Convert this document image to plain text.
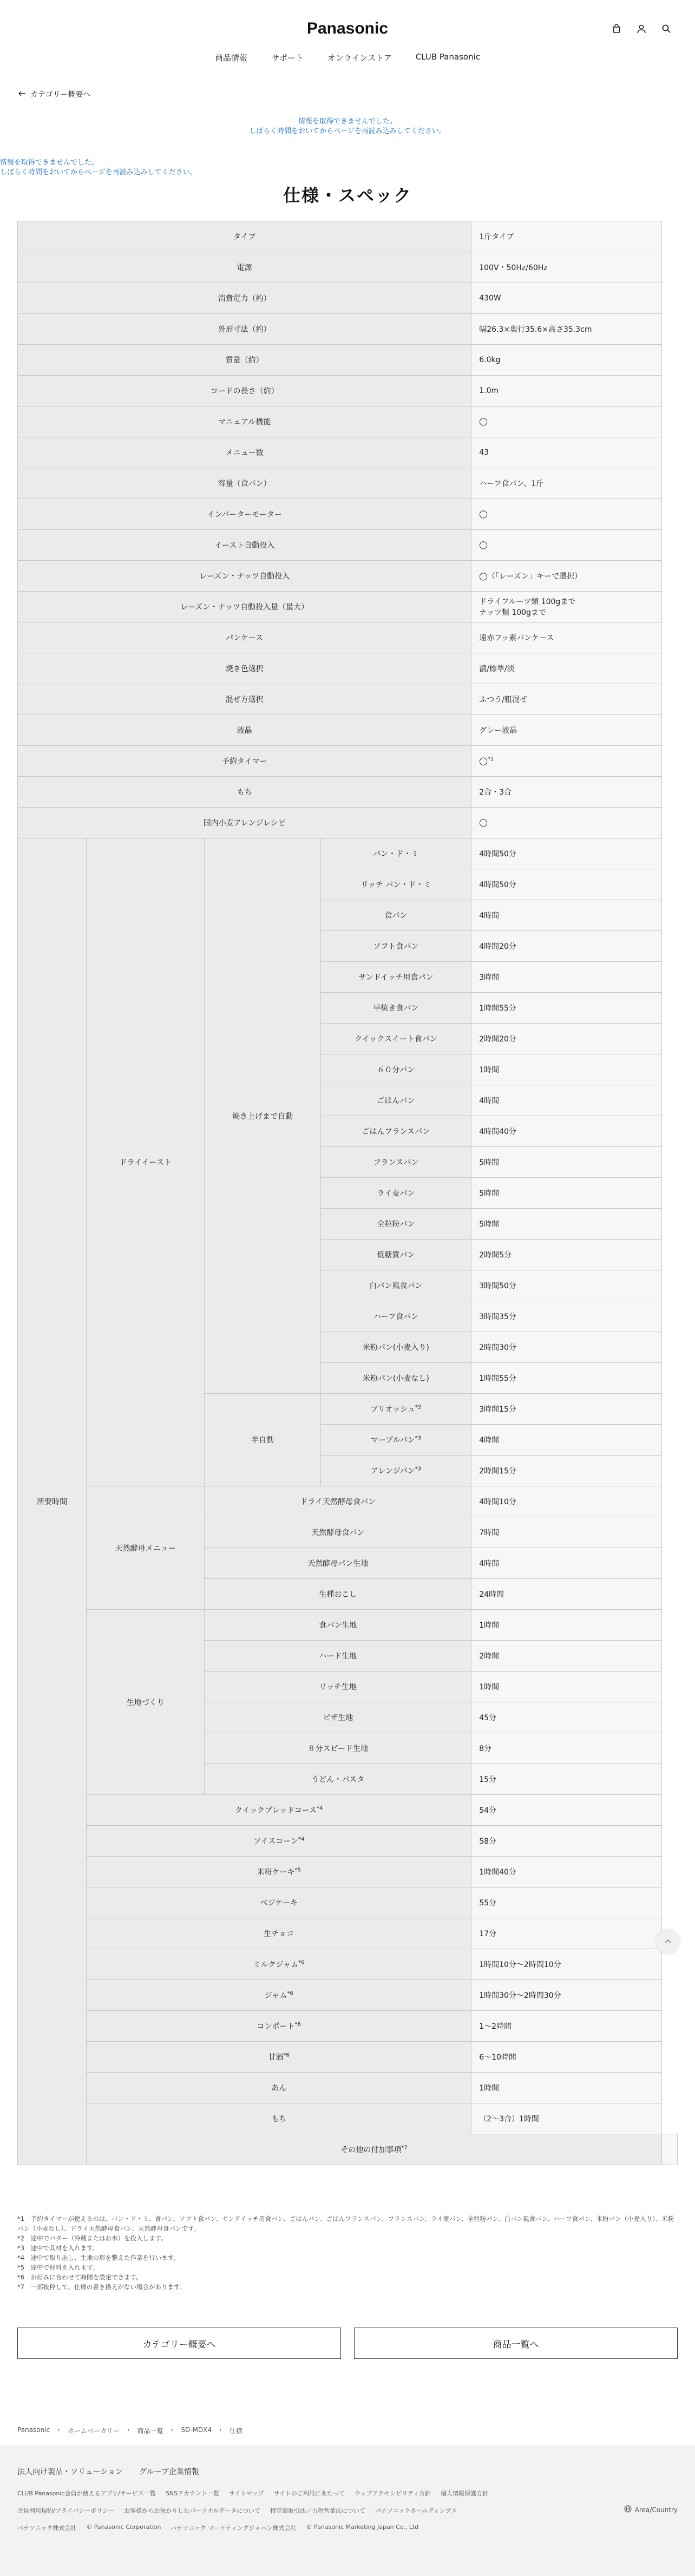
Panasonic
商品情報	サポート	オンラインストア	CLUB Panasonic
カテゴリー概要へ
情報を取得できませんでした。
しばらく時間をおいてからページを再読み込みしてください。
情報を取得できませんでした。
しばらく時間をおいてからページを再読み込みしてください。
仕様・スペック
タイプ				1斤タイプ	
電源				100V・50Hz/60Hz	
消費電力（約）				430W	
外形寸法（約）				幅26.3×奥行35.6×高さ35.3cm	
質量（約）				6.0kg	
コードの長さ（約）				1.0m	
マニュアル機能				◯	
メニュー数				43	
容量（食パン）				ハーフ食パン、1斤	
インバーターモーター				◯	
イースト自動投入				◯	
レーズン・ナッツ自動投入				◯（「レーズン」キーで選択）	
レーズン・ナッツ自動投入量（最大）				ドライフルーツ類 100gまで
ナッツ類 100gまで	

パンケース				遠赤フッ素パンケース	
焼き色選択				濃/標準/淡	
混ぜ方選択				ふつう/粗混ぜ	
液晶				グレー液晶	
予約タイマー				◯$^{*1}$
もち				2合・3合	
国内小麦アレンジレシピ				◯	
所要時間	ドライイースト	焼き上げまで自動	パン・ド・ミ	4時間50分	
			リッチ パン・ド・ミ	4時間50分	
			食パン	4時間	
			ソフト食パン	4時間20分	
			サンドイッチ用食パン	3時間	
			早焼き食パン	1時間55分	
			クイックスイート食パン	2時間20分	
			６０分パン	1時間	
			ごはんパン	4時間	
			ごはんフランスパン	4時間40分	
			フランスパン	5時間	
			ライ麦パン	5時間	
			全粒粉パン	5時間	
			低糖質パン	2時間5分	
			白パン風食パン	3時間50分	
			ハーフ食パン	3時間35分	
			米粉パン(小麦入り)	2時間30分	
			米粉パン(小麦なし)	1時間55分	
		半自動	ブリオッシュ$^{*2}$	3時間15分	
			マーブルパン$^{*3}$	4時間	
			アレンジパン$^{*3}$	2時間15分	
	天然酵母メニュー	ドライ天然酵母食パン		4時間10分	
		天然酵母食パン		7時間	
		天然酵母パン生地		4時間	
		生種おこし		24時間	
	生地づくり	食パン生地		1時間	
		ハード生地		2時間	
		リッチ生地		1時間	
		ピザ生地		45分	
		８分スピード生地		8分	
		うどん・パスタ		15分	
	クイックブレッドコース$^{*4}$			54分	
	ソイスコーン$^{*4}$			58分	
	米粉ケーキ$^{*5}$			1時間40分	
	ベジケーキ			55分	
	生チョコ			17分	
	ミルクジャム$^{*6}$			1時間10分〜2時間10分	
	ジャム$^{*6}$			1時間30分〜2時間30分	
	コンポート$^{*6}$			1〜2時間	
	甘酒$^{*6}$			6〜10時間	
	あん			1時間	
	もち			（2〜3合）1時間	
	その他の付加事項$^{*7}$	
*1　予約タイマーが使えるのは、パン・ド・ミ、食パン、ソフト食パン、サンドイッチ用食パン、ごはんパン、ごはんフランスパン、フランスパン、ライ麦パン、全粒粉パン、白パン風食パン、ハーフ食パン、米粉パン（小麦入り）、米粉パン（小麦なし）、ドライ天然酵母食パン、天然酵母食パンです。
*2　途中でバター（冷蔵またはお米）を投入します。
*3　途中で具材を入れます。
*4　途中で取り出し、生地の形を整えた作業を行います。
*5　途中で材料を入れます。
*6　お好みに合わせて時間を設定できます。
*7　一部抜粋して、仕様の書き換えがない場合があります。
カテゴリー概要へ	商品一覧へ
Panasonic › ホームベーカリー › 商品一覧 › SD-MDX4 › 仕様
法人向け製品・ソリューション グループ企業情報
CLUB Panasonic会員が使えるアプリ/サービス一覧 SNSアカウント一覧 サイトマップ サイトのご利用にあたって ウェブアクセシビリティ方針 個人情報保護方針
会員利用規約/プライバシーポリシー お客様からお預かりしたパーソナルデータについて 特定商取引法／古物営業法について パナソニックホールディングス
パナソニック株式会社 © Panasonic Corporation パナソニック マーケティングジャパン株式会社 © Panasonic Marketing Japan Co., Ltd
Area/Country
